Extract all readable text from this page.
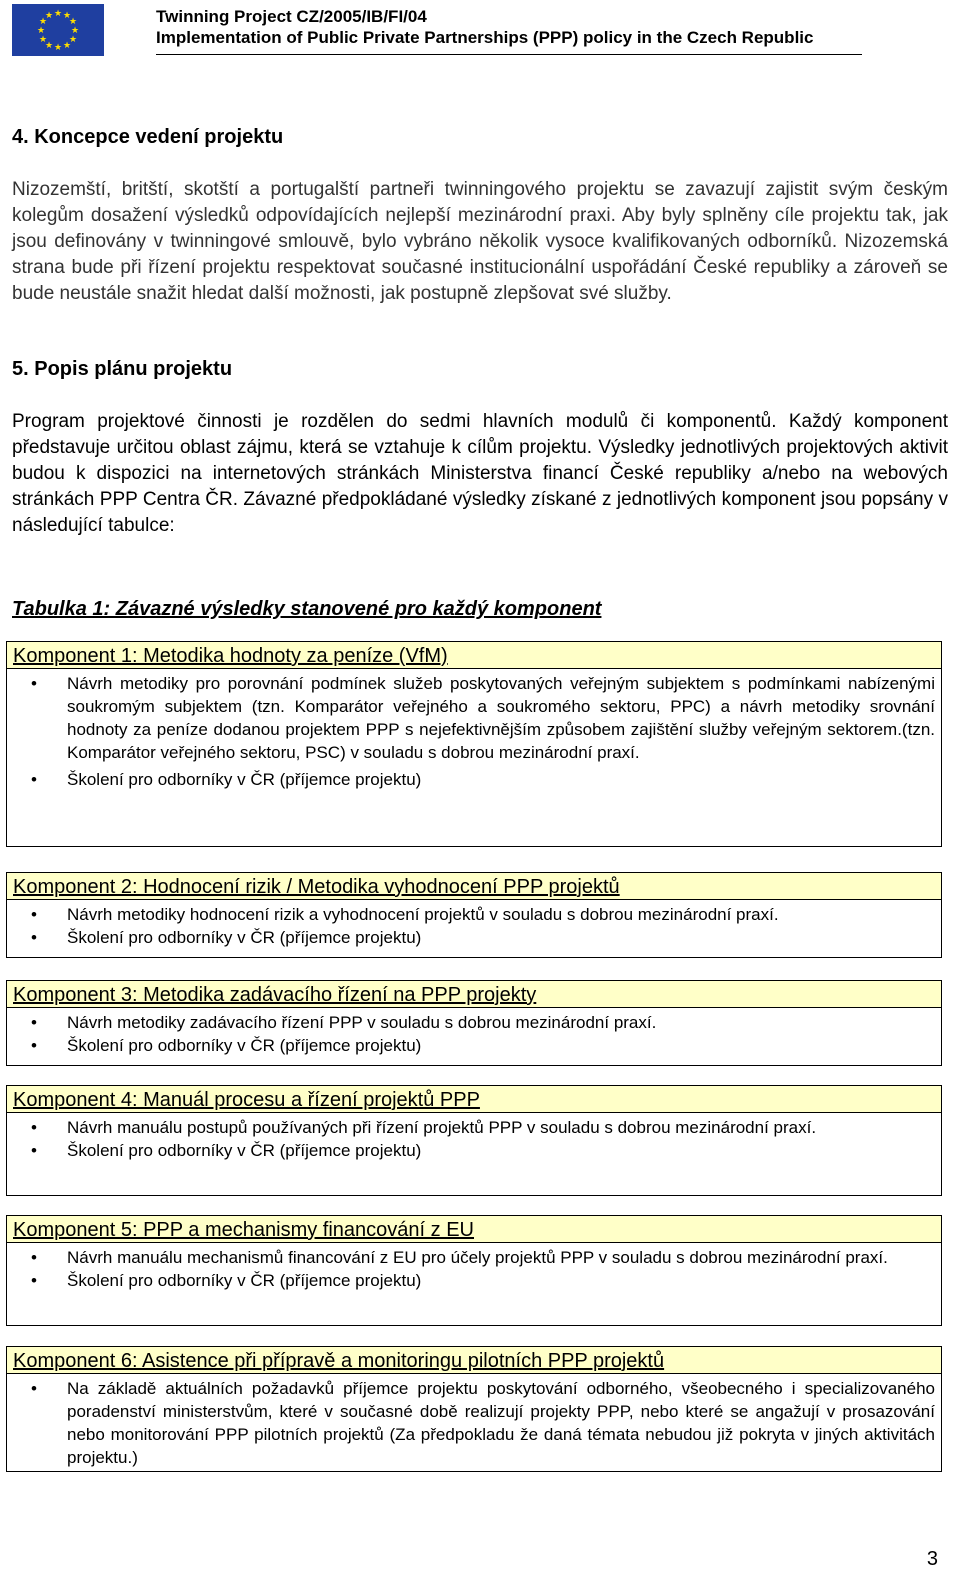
★ ★
★
★
★
★
★
★
★
★
★
★	Twinning Project CZ/2005/IB/FI/04
Implementation of Public Private Partnerships (PPP) policy in the Czech Republic
4. Koncepce vedení projektu
Nizozemští, britští, skotští a portugalští partneři twinningového projektu se zavazují zajistit svým českým kolegům dosažení výsledků odpovídajících nejlepší mezinárodní praxi. Aby byly splněny cíle projektu tak, jak jsou definovány v twinningové smlouvě, bylo vybráno několik vysoce kvalifikovaných odborníků. Nizozemská strana bude při řízení projektu respektovat současné institucionální uspořádání České republiky a zároveň se bude neustále snažit hledat další možnosti, jak postupně zlepšovat své služby.
5. Popis plánu projektu
Program projektové činnosti je rozdělen do sedmi hlavních modulů či komponentů. Každý komponent představuje určitou oblast zájmu, která se vztahuje k cílům projektu. Výsledky jednotlivých projektových aktivit budou k dispozici na internetových stránkách Ministerstva financí České republiky a/nebo na webových stránkách PPP Centra ČR. Závazné předpokládané výsledky získané z jednotlivých komponent jsou popsány v následující tabulce:
Tabulka 1: Závazné výsledky stanovené pro každý komponent
Komponent 1: Metodika hodnoty za peníze (VfM)
• Návrh metodiky pro porovnání podmínek služeb poskytovaných veřejným subjektem s podmínkami nabízenými soukromým subjektem (tzn. Komparátor veřejného a soukromého sektoru, PPC) a návrh metodiky srovnání hodnoty za peníze dodanou projektem PPP s nejefektivnějším způsobem zajištění služby veřejným sektorem.(tzn. Komparátor veřejného sektoru, PSC) v souladu s dobrou mezinárodní praxí.
• Školení pro odborníky v ČR (příjemce projektu)
Komponent 2: Hodnocení rizik / Metodika vyhodnocení PPP projektů
• Návrh metodiky hodnocení rizik a vyhodnocení projektů v souladu s dobrou mezinárodní praxí.
• Školení pro odborníky v ČR (příjemce projektu)
Komponent 3: Metodika zadávacího řízení na PPP projekty
• Návrh metodiky zadávacího řízení PPP v souladu s dobrou mezinárodní praxí.
• Školení pro odborníky v ČR (příjemce projektu)
Komponent 4: Manuál procesu a řízení projektů PPP
• Návrh manuálu postupů používaných při řízení projektů PPP v souladu s dobrou mezinárodní praxí.
• Školení pro odborníky v ČR (příjemce projektu)
Komponent 5: PPP a mechanismy financování z EU
• Návrh manuálu mechanismů financování z EU pro účely projektů PPP v souladu s dobrou mezinárodní praxí.
• Školení pro odborníky v ČR (příjemce projektu)
Komponent 6: Asistence při přípravě a monitoringu pilotních PPP projektů
• Na základě aktuálních požadavků příjemce projektu poskytování odborného, všeobecného i specializovaného poradenství ministerstvům, které v současné době realizují projekty PPP, nebo které se angažují v prosazování nebo monitorování PPP pilotních projektů (Za předpokladu že daná témata nebudou již pokryta v jiných aktivitách projektu.)
3
